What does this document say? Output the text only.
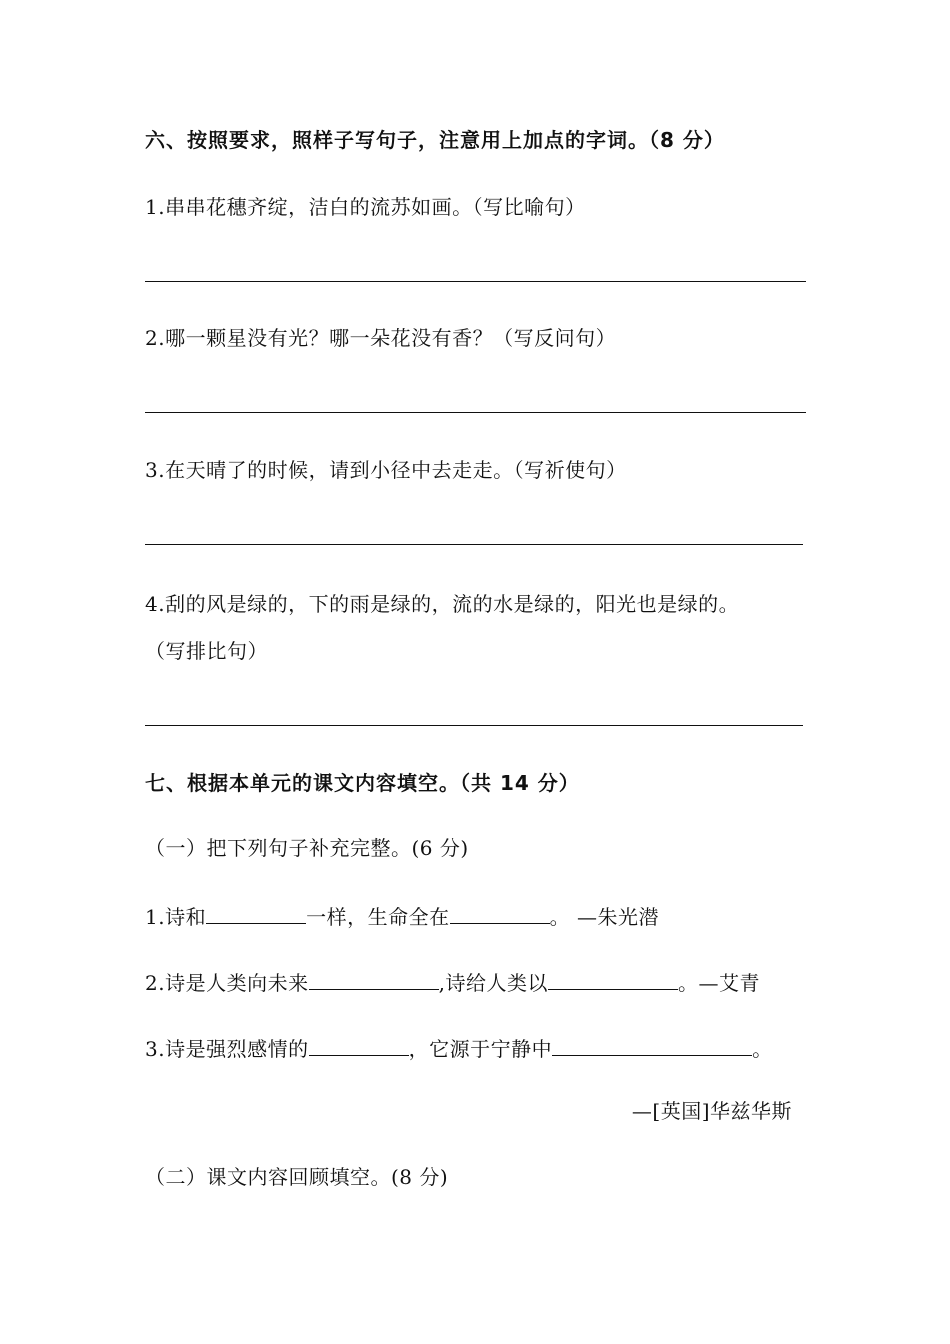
六、按照要求，照样子写句子，注意用上加点的字词。（8 分）
1.串串花穗齐绽，洁白的流苏如画。（写比喻句）
2.哪一颗星没有光？哪一朵花没有香？（写反问句）
3.在天晴了的时候，请到小径中去走走。（写祈使句）
4.刮的风是绿的，下的雨是绿的，流的水是绿的，阳光也是绿的。
（写排比句）
七、根据本单元的课文内容填空。（共 14 分）
（一）把下列句子补充完整。(6 分)
1.诗和	一样，生命全在	。 —朱光潜
2.诗是人类向未来	,诗给人类以	。—艾青
3.诗是强烈感情的	，它源于宁静中	。
—[英国]华兹华斯
（二）课文内容回顾填空。(8 分)
